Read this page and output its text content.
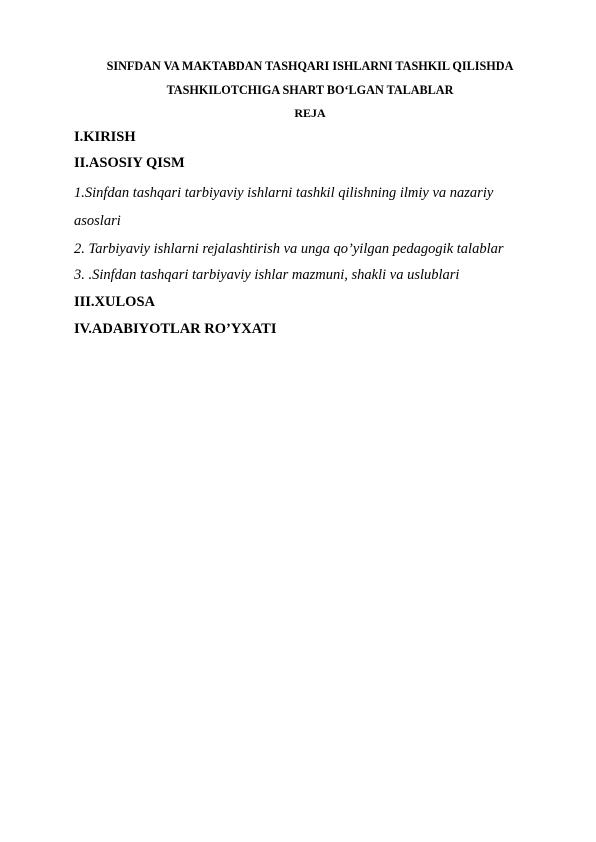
SINFDAN VA MAKTABDAN TASHQARI ISHLARNI TASHKIL QILISHDA
TASHKILOTCHIGA SHART BO‘LGAN TALABLAR
REJA
I.KIRISH
II.ASOSIY QISM
1.Sinfdan tashqari tarbiyaviy ishlarni tashkil qilishning ilmiy va nazariy
asoslari
2. Tarbiyaviy ishlarni rejalashtirish va unga qo’yilgan pedagogik talablar
3. .Sinfdan tashqari tarbiyaviy ishlar mazmuni, shakli va uslublari
III.XULOSA
IV.ADABIYOTLAR RO’YXATI
